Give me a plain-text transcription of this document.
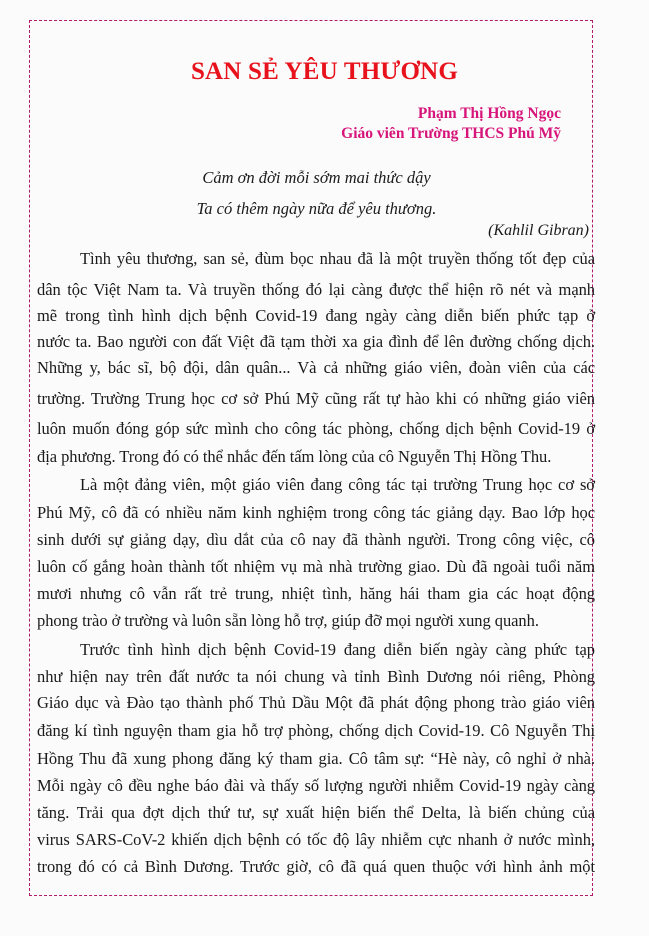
SAN SẺ YÊU THƯƠNG
Phạm Thị Hồng Ngọc
Giáo viên Trường THCS Phú Mỹ
Cảm ơn đời mỗi sớm mai thức dậy
Ta có thêm ngày nữa để yêu thương.
(Kahlil Gibran)
Tình yêu thương, san sẻ, đùm bọc nhau đã là một truyền thống tốt đẹp của
dân tộc Việt Nam ta. Và truyền thống đó lại càng được thể hiện rõ nét và mạnh
mẽ trong tình hình dịch bệnh Covid-19 đang ngày càng diễn biến phức tạp ở
nước ta. Bao người con đất Việt đã tạm thời xa gia đình để lên đường chống dịch.
Những y, bác sĩ, bộ đội, dân quân... Và cả những giáo viên, đoàn viên của các
trường. Trường Trung học cơ sở Phú Mỹ cũng rất tự hào khi có những giáo viên
luôn muốn đóng góp sức mình cho công tác phòng, chống dịch bệnh Covid-19 ở
địa phương. Trong đó có thể nhắc đến tấm lòng của cô Nguyễn Thị Hồng Thu.
Là một đảng viên, một giáo viên đang công tác tại trường Trung học cơ sở
Phú Mỹ, cô đã có nhiều năm kinh nghiệm trong công tác giảng dạy. Bao lớp học
sinh dưới sự giảng dạy, dìu dắt của cô nay đã thành người. Trong công việc, cô
luôn cố gắng hoàn thành tốt nhiệm vụ mà nhà trường giao. Dù đã ngoài tuổi năm
mươi nhưng cô vẫn rất trẻ trung, nhiệt tình, hăng hái tham gia các hoạt động
phong trào ở trường và luôn sẵn lòng hỗ trợ, giúp đỡ mọi người xung quanh.
Trước tình hình dịch bệnh Covid-19 đang diễn biến ngày càng phức tạp
như hiện nay trên đất nước ta nói chung và tỉnh Bình Dương nói riêng, Phòng
Giáo dục và Đào tạo thành phố Thủ Dầu Một đã phát động phong trào giáo viên
đăng kí tình nguyện tham gia hỗ trợ phòng, chống dịch Covid-19. Cô Nguyễn Thị
Hồng Thu đã xung phong đăng ký tham gia. Cô tâm sự: “Hè này, cô nghỉ ở nhà.
Mỗi ngày cô đều nghe báo đài và thấy số lượng người nhiễm Covid-19 ngày càng
tăng. Trải qua đợt dịch thứ tư, sự xuất hiện biến thể Delta, là biến chủng của
virus SARS-CoV-2 khiến dịch bệnh có tốc độ lây nhiễm cực nhanh ở nước mình,
trong đó có cả Bình Dương. Trước giờ, cô đã quá quen thuộc với hình ảnh một
